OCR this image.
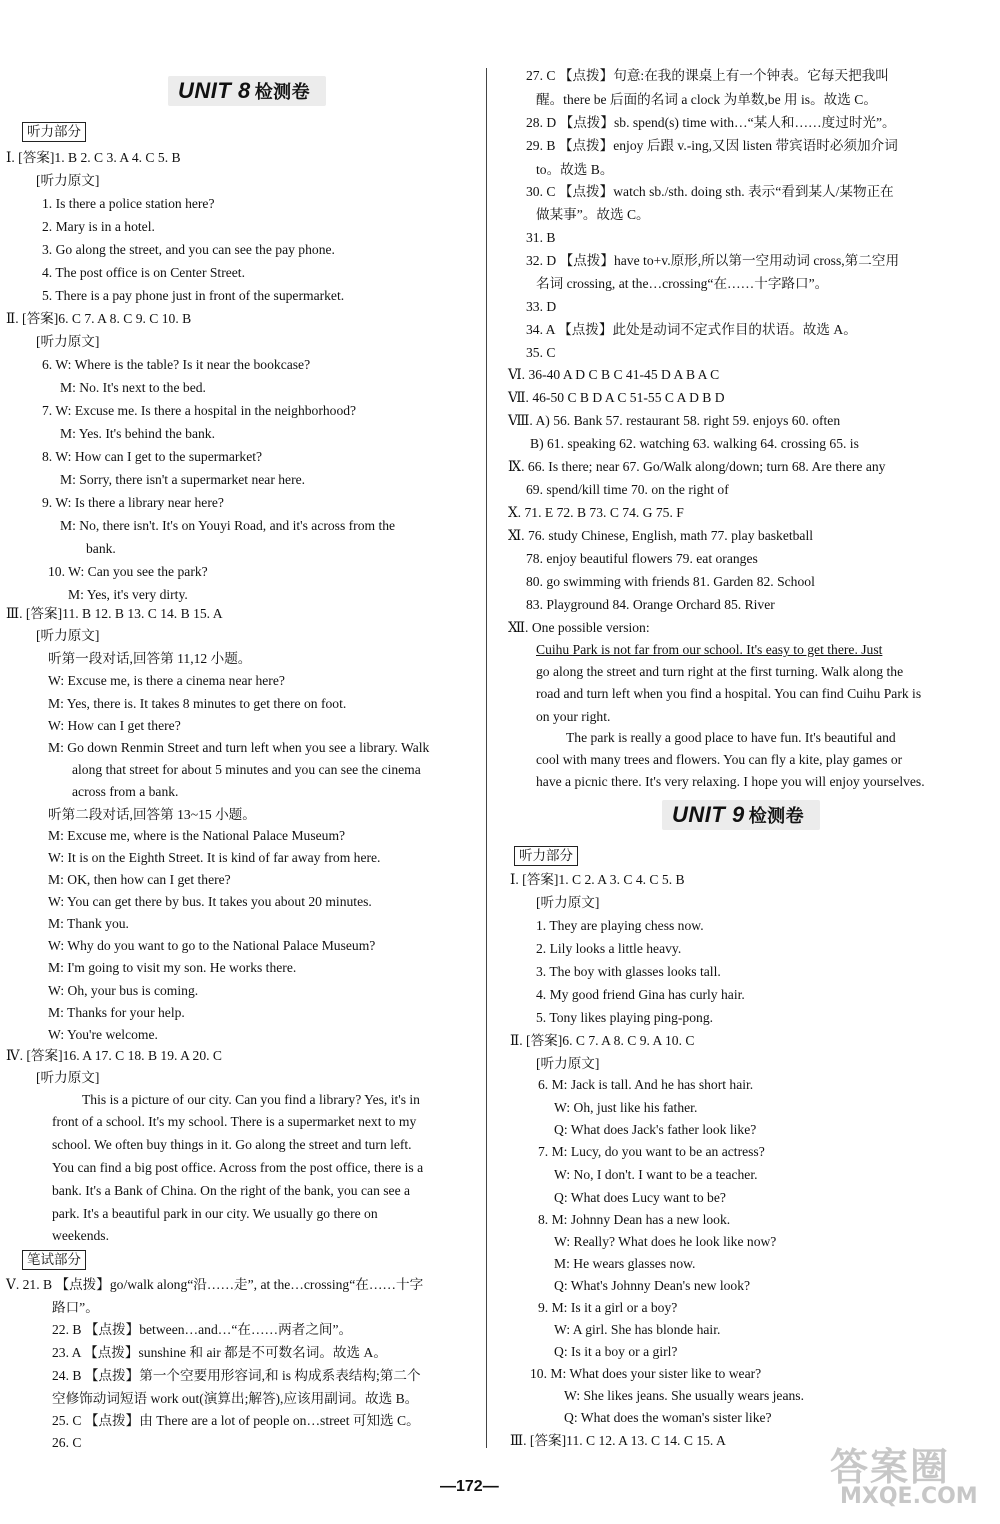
UNIT 8 检测卷
听力部分
Ⅰ. [答案]1. B 2. C 3. A 4. C 5. B
[听力原文]
1. Is there a police station here?
2. Mary is in a hotel.
3. Go along the street, and you can see the pay phone.
4. The post office is on Center Street.
5. There is a pay phone just in front of the supermarket.
Ⅱ. [答案]6. C 7. A 8. C 9. C 10. B
[听力原文]
6. W: Where is the table? Is it near the bookcase?
M: No. It's next to the bed.
7. W: Excuse me. Is there a hospital in the neighborhood?
M: Yes. It's behind the bank.
8. W: How can I get to the supermarket?
M: Sorry, there isn't a supermarket near here.
9. W: Is there a library near here?
M: No, there isn't. It's on Youyi Road, and it's across from the
bank.
10. W: Can you see the park?
M: Yes, it's very dirty.
Ⅲ. [答案]11. B 12. B 13. C 14. B 15. A
[听力原文]
听第一段对话,回答第 11,12 小题。
W: Excuse me, is there a cinema near here?
M: Yes, there is. It takes 8 minutes to get there on foot.
W: How can I get there?
M: Go down Renmin Street and turn left when you see a library. Walk
along that street for about 5 minutes and you can see the cinema
across from a bank.
听第二段对话,回答第 13~15 小题。
M: Excuse me, where is the National Palace Museum?
W: It is on the Eighth Street. It is kind of far away from here.
M: OK, then how can I get there?
W: You can get there by bus. It takes you about 20 minutes.
M: Thank you.
W: Why do you want to go to the National Palace Museum?
M: I'm going to visit my son. He works there.
W: Oh, your bus is coming.
M: Thanks for your help.
W: You're welcome.
Ⅳ. [答案]16. A 17. C 18. B 19. A 20. C
[听力原文]
This is a picture of our city. Can you find a library? Yes, it's in
front of a school. It's my school. There is a supermarket next to my
school. We often buy things in it. Go along the street and turn left.
You can find a big post office. Across from the post office, there is a
bank. It's a Bank of China. On the right of the bank, you can see a
park. It's a beautiful park in our city. We usually go there on
weekends.
笔试部分
Ⅴ. 21. B 【点拨】go/walk along“沿……走”, at the…crossing“在……十字
路口”。
22. B 【点拨】between…and…“在……两者之间”。
23. A 【点拨】sunshine 和 air 都是不可数名词。故选 A。
24. B 【点拨】第一个空要用形容词,和 is 构成系表结构;第二个
空修饰动词短语 work out(演算出;解答),应该用副词。故选 B。
25. C 【点拨】由 There are a lot of people on…street 可知选 C。
26. C
27. C 【点拨】句意:在我的课桌上有一个钟表。它每天把我叫
醒。there be 后面的名词 a clock 为单数,be 用 is。故选 C。
28. D 【点拨】sb. spend(s) time with…“某人和……度过时光”。
29. B 【点拨】enjoy 后跟 v.-ing,又因 listen 带宾语时必须加介词
to。故选 B。
30. C 【点拨】watch sb./sth. doing sth. 表示“看到某人/某物正在
做某事”。故选 C。
31. B
32. D 【点拨】have to+v.原形,所以第一空用动词 cross,第二空用
名词 crossing, at the…crossing“在……十字路口”。
33. D
34. A 【点拨】此处是动词不定式作目的状语。故选 A。
35. C
Ⅵ. 36-40 A D C B C 41-45 D A B A C
Ⅶ. 46-50 C B D A C 51-55 C A D B D
Ⅷ. A) 56. Bank 57. restaurant 58. right 59. enjoys 60. often
B) 61. speaking 62. watching 63. walking 64. crossing 65. is
Ⅸ. 66. Is there; near 67. Go/Walk along/down; turn 68. Are there any
69. spend/kill time 70. on the right of
Ⅹ. 71. E 72. B 73. C 74. G 75. F
Ⅺ. 76. study Chinese, English, math 77. play basketball
78. enjoy beautiful flowers 79. eat oranges
80. go swimming with friends 81. Garden 82. School
83. Playground 84. Orange Orchard 85. River
Ⅻ. One possible version:
Cuihu Park is not far from our school. It's easy to get there. Just
go along the street and turn right at the first turning. Walk along the
road and turn left when you find a hospital. You can find Cuihu Park is
on your right.
The park is really a good place to have fun. It's beautiful and
cool with many trees and flowers. You can fly a kite, play games or
have a picnic there. It's very relaxing. I hope you will enjoy yourselves.
UNIT 9 检测卷
听力部分
Ⅰ. [答案]1. C 2. A 3. C 4. C 5. B
[听力原文]
1. They are playing chess now.
2. Lily looks a little heavy.
3. The boy with glasses looks tall.
4. My good friend Gina has curly hair.
5. Tony likes playing ping-pong.
Ⅱ. [答案]6. C 7. A 8. C 9. A 10. C
[听力原文]
6. M: Jack is tall. And he has short hair.
W: Oh, just like his father.
Q: What does Jack's father look like?
7. M: Lucy, do you want to be an actress?
W: No, I don't. I want to be a teacher.
Q: What does Lucy want to be?
8. M: Johnny Dean has a new look.
W: Really? What does he look like now?
M: He wears glasses now.
Q: What's Johnny Dean's new look?
9. M: Is it a girl or a boy?
W: A girl. She has blonde hair.
Q: Is it a boy or a girl?
10. M: What does your sister like to wear?
W: She likes jeans. She usually wears jeans.
Q: What does the woman's sister like?
Ⅲ. [答案]11. C 12. A 13. C 14. C 15. A
—172—	答案圈
MXQE.COM
